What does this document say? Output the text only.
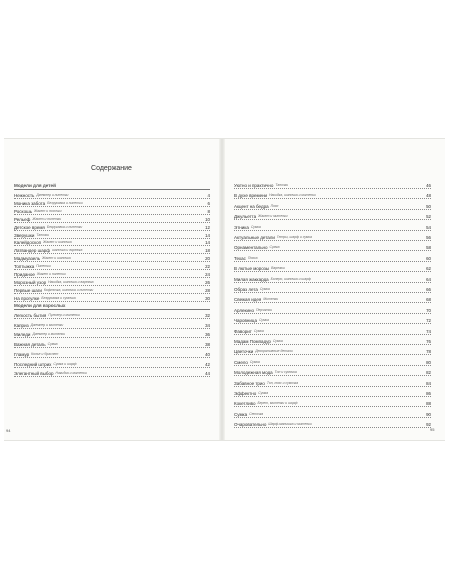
Содержание
Модели для детей
Нежность Джемпер и пинетки	4
Моника забота Безрукавка и пинетки	6
Роскошь Жакет и носочки	8
Рельеф Жакет и пинетки	10
Детское время Безрукавка и пинетки	12
Зверушки Тапочки	14
Калейдоскоп Жакет и шапочка	14
Латвандер шарф шапочка и варежка	18
Мадмуазель Жакет и шапочка	20
Топтыжка Пинетки	22
Приданое Жакет и пинетки	24
Морозный узор Накидка, шапочка и варежка	26
Первые шаги Кофточка, шапочка и пинетки	28
На прогулке Безрукавка и сумочка	30
Модели для взрослых
Легкость бытия Пуловер и митенки	32
Каприз Джемпер и митенки	34
Миледи Джемпер и митенки	36
Важная деталь Сумка	38
Гламур Колье и браслет	40
Последний штрих Сумка и шарф	42
Элегантный выбор Накидка и митенки	44
94
Уютно и практично Тапочки	46
В духе времени Накидка, шапочка и митенки	48
Акцент на бедра Пояс	50
Джульетта Жакет и митенки	52
Этника Сумка	54
Актуальные детали Гетры, шарф и сумка	56
Орнаментально Сумка	58
Техас Пояса	60
В лютые морозы Варежки	62
Милая жаккарда Болеро, шапочка и шарф	64
Образ лета Сумка	66
Свежая идея Митенки	68
Арлекино Перчатки	70
Чаровница Сумка	72
Фаворит Сумка	74
Мадам Помпадур Сумка	76
Цветочки Декоративные детали	78
Смело Сумка	80
Молодежная мода Топ и сумочка	82
Забавное трио Топ, пояс и сумочка	84
Эффектно Сумка	86
Кокетливо Берет, митенки и шарф	88
Сумка Сеточка	90
Очаровательно Шарф-манишка и митенки	92
95
